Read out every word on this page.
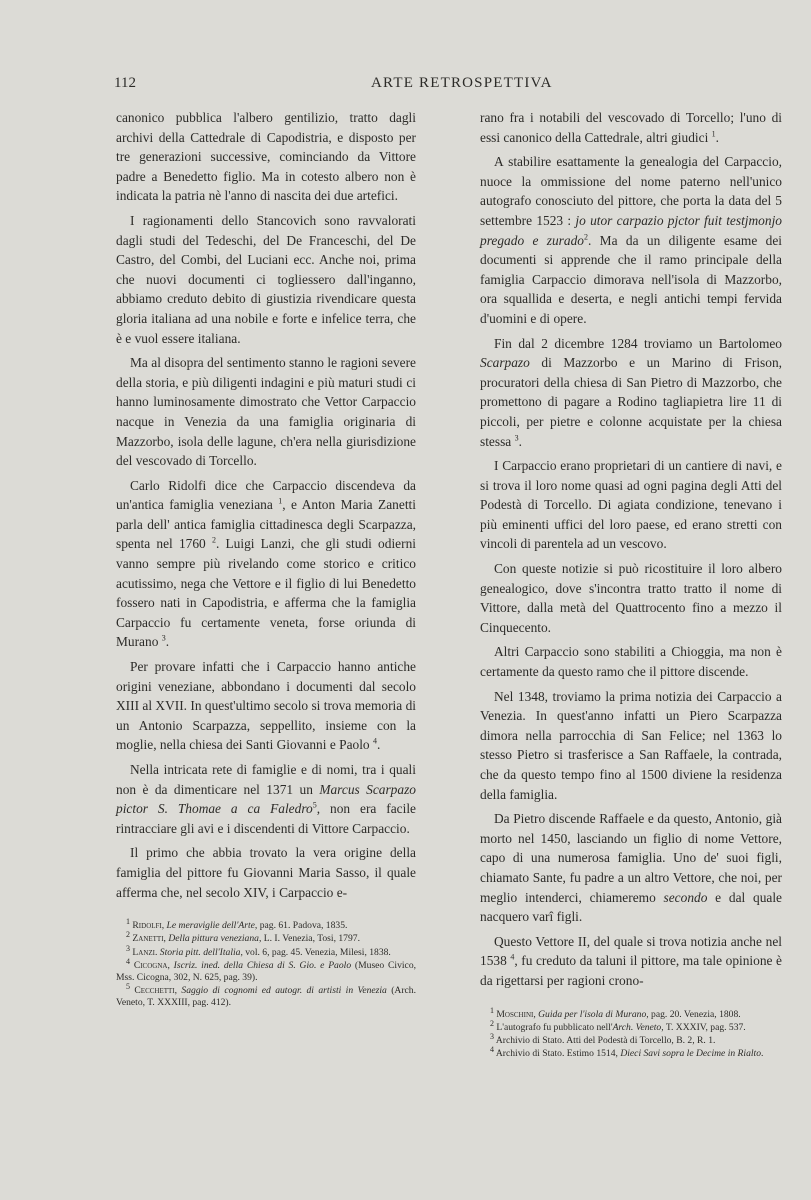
112	ARTE RETROSPETTIVA

canonico pubblica l'albero gentilizio, tratto dagli archivi della Cattedrale di Capodistria, e disposto per tre generazioni successive, cominciando da Vittore padre a Benedetto figlio. Ma in cotesto albero non è indicata la patria nè l'anno di nascita dei due artefici.

I ragionamenti dello Stancovich sono ravvalorati dagli studi del Tedeschi, del De Franceschi, del De Castro, del Combi, del Luciani ecc. Anche noi, prima che nuovi documenti ci togliessero dall'inganno, abbiamo creduto debito di giustizia rivendicare questa gloria italiana ad una nobile e forte e infelice terra, che è e vuol essere italiana.

Ma al disopra del sentimento stanno le ragioni severe della storia, e più diligenti indagini e più maturi studi ci hanno luminosamente dimostrato che Vettor Carpaccio nacque in Venezia da una famiglia originaria di Mazzorbo, isola delle lagune, ch'era nella giurisdizione del vescovado di Torcello.

Carlo Ridolfi dice che Carpaccio discendeva da un'antica famiglia veneziana $^1$, e Anton Maria Zanetti parla dell' antica famiglia cittadinesca degli Scarpazza, spenta nel 1760 $^2$. Luigi Lanzi, che gli studi odierni vanno sempre più rivelando come storico e critico acutissimo, nega che Vettore e il figlio di lui Benedetto fossero nati in Capodistria, e afferma che la famiglia Carpaccio fu certamente veneta, forse oriunda di Murano $^3$.

Per provare infatti che i Carpaccio hanno antiche origini veneziane, abbondano i documenti dal secolo XIII al XVII. In quest'ultimo secolo si trova memoria di un Antonio Scarpazza, seppellito, insieme con la moglie, nella chiesa dei Santi Giovanni e Paolo $^4$.

Nella intricata rete di famiglie e di nomi, tra i quali non è da dimenticare nel 1371 un Marcus Scarpazo pictor S. Thomae a ca Faledro$^5$, non era facile rintracciare gli avi e i discendenti di Vittore Carpaccio.

Il primo che abbia trovato la vera origine della famiglia del pittore fu Giovanni Maria Sasso, il quale afferma che, nel secolo XIV, i Carpaccio e-

$^1$ Ridolfi, Le meraviglie dell'Arte, pag. 61. Padova, 1835.

$^2$ Zanetti, Della pittura veneziana, L. I. Venezia, Tosi, 1797.

$^3$ Lanzi. Storia pitt. dell'Italia, vol. 6, pag. 45. Venezia, Milesi, 1838.

$^4$ Cicogna, Iscriz. ined. della Chiesa di S. Gio. e Paolo (Museo Civico, Mss. Cicogna, 302, N. 625, pag. 39).

$^5$ Cecchetti, Saggio di cognomi ed autogr. di artisti in Venezia (Arch. Veneto, T. XXXIII, pag. 412).

rano fra i notabili del vescovado di Torcello; l'uno di essi canonico della Cattedrale, altri giudici $^1$.

A stabilire esattamente la genealogia del Carpaccio, nuoce la ommissione del nome paterno nell'unico autografo conosciuto del pittore, che porta la data del 5 settembre 1523 : jo utor carpazio pjctor fuit testjmonjo pregado e zurado$^2$. Ma da un diligente esame dei documenti si apprende che il ramo principale della famiglia Carpaccio dimorava nell'isola di Mazzorbo, ora squallida e deserta, e negli antichi tempi fervida d'uomini e di opere.

Fin dal 2 dicembre 1284 troviamo un Bartolomeo Scarpazo di Mazzorbo e un Marino di Frison, procuratori della chiesa di San Pietro di Mazzorbo, che promettono di pagare a Rodino tagliapietra lire 11 di piccoli, per pietre e colonne acquistate per la chiesa stessa $^3$.

I Carpaccio erano proprietari di un cantiere di navi, e si trova il loro nome quasi ad ogni pagina degli Atti del Podestà di Torcello. Di agiata condizione, tenevano i più eminenti uffici del loro paese, ed erano stretti con vincoli di parentela ad un vescovo.

Con queste notizie si può ricostituire il loro albero genealogico, dove s'incontra tratto tratto il nome di Vittore, dalla metà del Quattrocento fino a mezzo il Cinquecento.

Altri Carpaccio sono stabiliti a Chioggia, ma non è certamente da questo ramo che il pittore discende.

Nel 1348, troviamo la prima notizia dei Carpaccio a Venezia. In quest'anno infatti un Piero Scarpazza dimora nella parrocchia di San Felice; nel 1363 lo stesso Pietro si trasferisce a San Raffaele, la contrada, che da questo tempo fino al 1500 diviene la residenza della famiglia.

Da Pietro discende Raffaele e da questo, Antonio, già morto nel 1450, lasciando un figlio di nome Vettore, capo di una numerosa famiglia. Uno de' suoi figli, chiamato Sante, fu padre a un altro Vettore, che noi, per meglio intenderci, chiameremo secondo e dal quale nacquero varî figli.

Questo Vettore II, del quale si trova notizia anche nel 1538 $^4$, fu creduto da taluni il pittore, ma tale opinione è da rigettarsi per ragioni crono-

$^1$ Moschini, Guida per l'isola di Murano, pag. 20. Venezia, 1808.

$^2$ L'autografo fu pubblicato nell'Arch. Veneto, T. XXXIV, pag. 537.

$^3$ Archivio di Stato. Atti del Podestà di Torcello, B. 2, R. 1.

$^4$ Archivio di Stato. Estimo 1514, Dieci Savi sopra le Decime in Rialto.
